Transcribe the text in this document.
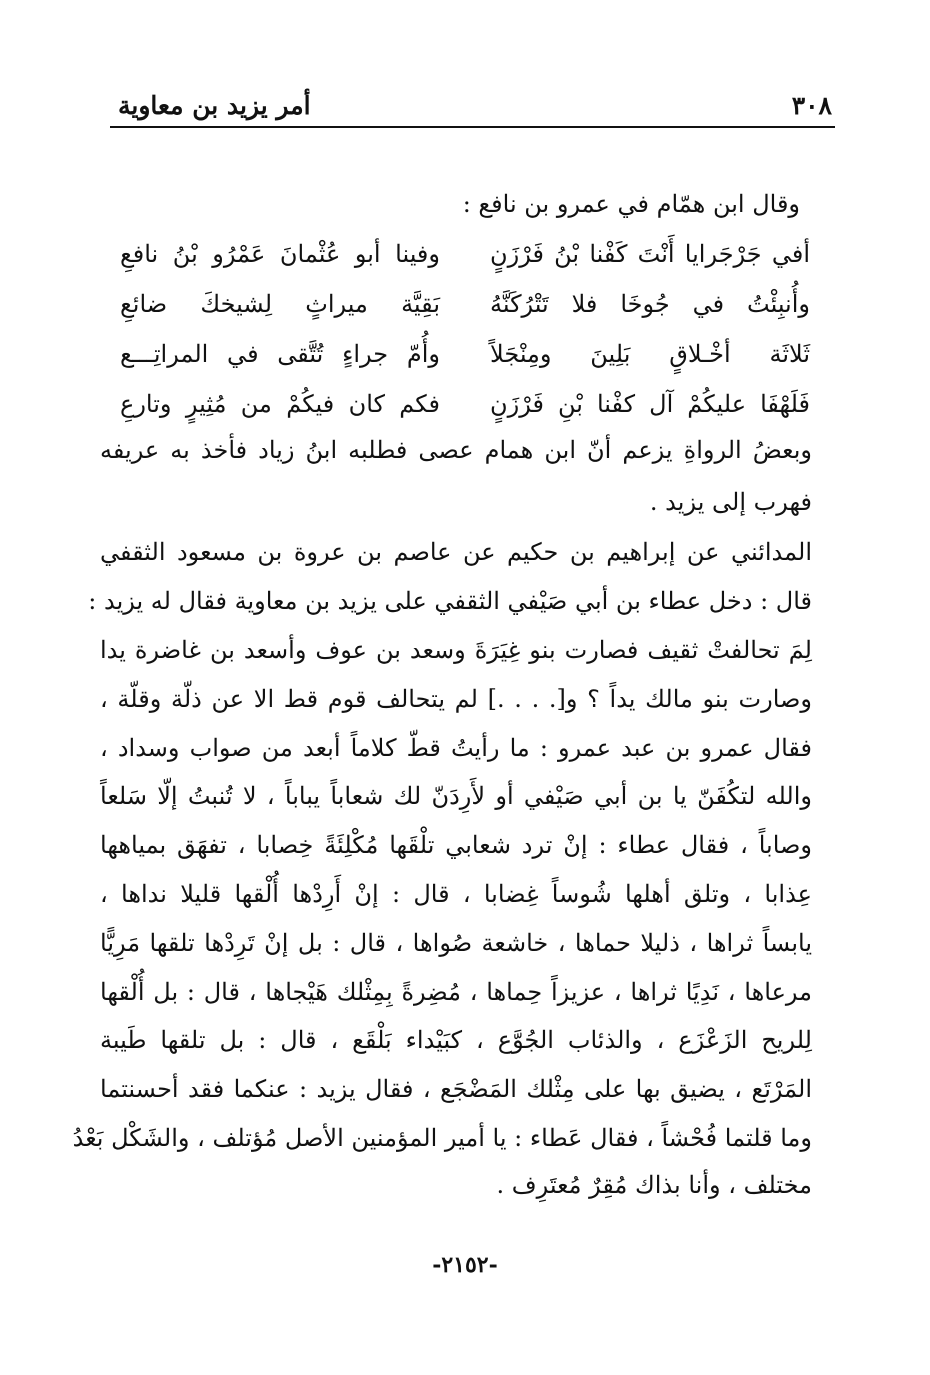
٣٠٨
أمر يزيد بن معاوية
وقال ابن همّام في عمرو بن نافع :
أفي جَرْجَرايا أَنْتَ كَفْنا بْنُ فَرْزَنٍ
وفينا أبو عُثْمانَ عَمْرُو بْنُ نافعِ
وأُنبِئْتُ في جُوخَا فلا تَتْرُكَنَّهُ
بَقِيَّة ميراثٍ لِشيخكَ ضائعِ
ثَلاثَة أخْـلاقٍ بَلِينَ ومِنْجَلاً
وأُمّ جراءٍ تُتَّقى في المراتِـــع
فَلَهْفَا عليكُمْ آل كفْنا بْنِ فَرْزَنٍ
فكم كان فيكُمْ من مُثِيرٍ وتارعِ
وبعضُ الرواةِ يزعم أنّ ابن همام عصى فطلبه ابنُ زياد فأخذ به عريفه
فهرب إلى يزيد .
المدائني عن إبراهيم بن حكيم عن عاصم بن عروة بن مسعود الثقفي
قال : دخل عطاء بن أبي صَيْفي الثقفي على يزيد بن معاوية فقال له يزيد :
لِمَ تحالفتْ ثقيف فصارت بنو غِيَرَةَ وسعد بن عوف وأسعد بن غاضرة يدا
وصارت بنو مالك يداً ؟ و[. . . .] لم يتحالف قوم قط الا عن ذلّة وقلّة ،
فقال عمرو بن عبد عمرو : ما رأيتُ قطّ كلاماً أبعد من صواب وسداد ،
والله لتكُفَنّ يا بن أبي صَيْفي أو لأَرِدَنّ لك شعاباً يباباً ، لا تُنبتُ إلّا سَلعاً
وصاباً ، فقال عطاء : إنْ ترد شعابي تلْقَها مُكْلِئَةً خِصابا ، تفهَق بمياهها
عِذابا ، وتلق أهلها شُوساً غِضابا ، قال : إنْ أَرِدْها أُلْقها قليلا نداها ،
يابساً ثراها ، ذليلا حماها ، خاشعة صُواها ، قال : بل إنْ تَرِدْها تلقها مَرِيًّا
مرعاها ، نَدِيًا ثراها ، عزيزاً حِماها ، مُضِرةً بِمِثْلك هَيْجاها ، قال : بل أُلْقها
لِلريح الزَعْزَع ، والذئاب الجُوَّع ، كبَيْداء بَلْقَع ، قال : بل تلقها طَيبة
المَرْتَع ، يضيق بها على مِثْلك المَضْجَع ، فقال يزيد : عنكما فقد أحسنتما
وما قلتما فُحْشاً ، فقال عَطاء : يا أمير المؤمنين الأصل مُؤتلف ، والشَكْل بَعْدُ
مختلف ، وأنا بذاك مُقِرٌ مُعتَرِف .
-٢١٥٢-
